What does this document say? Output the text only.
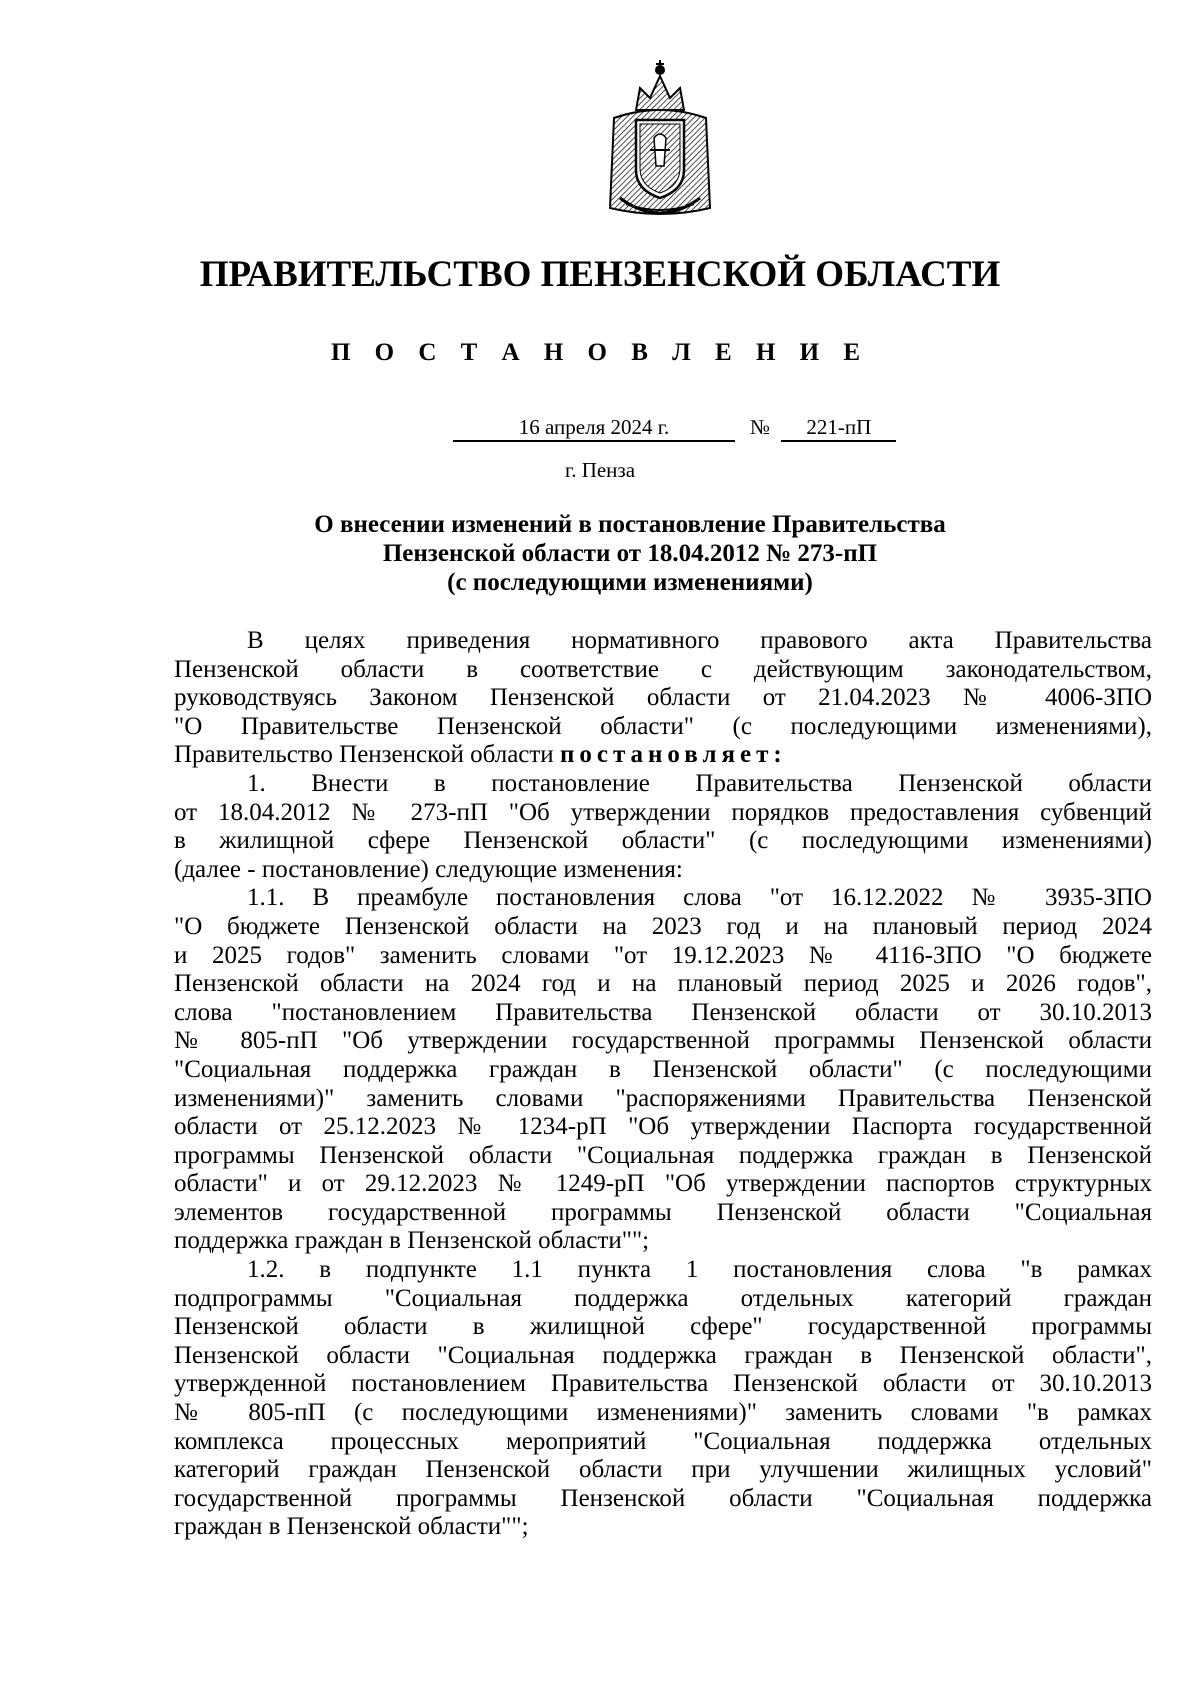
ПРАВИТЕЛЬСТВО ПЕНЗЕНСКОЙ ОБЛАСТИ
П О С Т А Н О В Л Е Н И Е
16 апреля 2024 г.	№ 221-пП
г. Пенза
О внесении изменений в постановление Правительства
Пензенской области от 18.04.2012 № 273-пП
(с последующими изменениями)
В целях приведения нормативного правового акта Правительства
Пензенской области в соответствие с действующим законодательством,
руководствуясь Законом Пензенской области от 21.04.2023 № 4006-ЗПО
"О Правительстве Пензенской области" (с последующими изменениями),
Правительство Пензенской области постановляет:
1. Внести в постановление Правительства Пензенской области
от 18.04.2012 № 273-пП "Об утверждении порядков предоставления субвенций
в жилищной сфере Пензенской области" (с последующими изменениями)
(далее - постановление) следующие изменения:
1.1. В преамбуле постановления слова "от 16.12.2022 № 3935-ЗПО
"О бюджете Пензенской области на 2023 год и на плановый период 2024
и 2025 годов" заменить словами "от 19.12.2023 № 4116-ЗПО "О бюджете
Пензенской области на 2024 год и на плановый период 2025 и 2026 годов",
слова "постановлением Правительства Пензенской области от 30.10.2013
№ 805-пП "Об утверждении государственной программы Пензенской области
"Социальная поддержка граждан в Пензенской области" (с последующими
изменениями)" заменить словами "распоряжениями Правительства Пензенской
области от 25.12.2023 № 1234-рП "Об утверждении Паспорта государственной
программы Пензенской области "Социальная поддержка граждан в Пензенской
области" и от 29.12.2023 № 1249-рП "Об утверждении паспортов структурных
элементов государственной программы Пензенской области "Социальная
поддержка граждан в Пензенской области"";
1.2. в подпункте 1.1 пункта 1 постановления слова "в рамках
подпрограммы "Социальная поддержка отдельных категорий граждан
Пензенской области в жилищной сфере" государственной программы
Пензенской области "Социальная поддержка граждан в Пензенской области",
утвержденной постановлением Правительства Пензенской области от 30.10.2013
№ 805-пП (с последующими изменениями)" заменить словами "в рамках
комплекса процессных мероприятий "Социальная поддержка отдельных
категорий граждан Пензенской области при улучшении жилищных условий"
государственной программы Пензенской области "Социальная поддержка
граждан в Пензенской области"";
